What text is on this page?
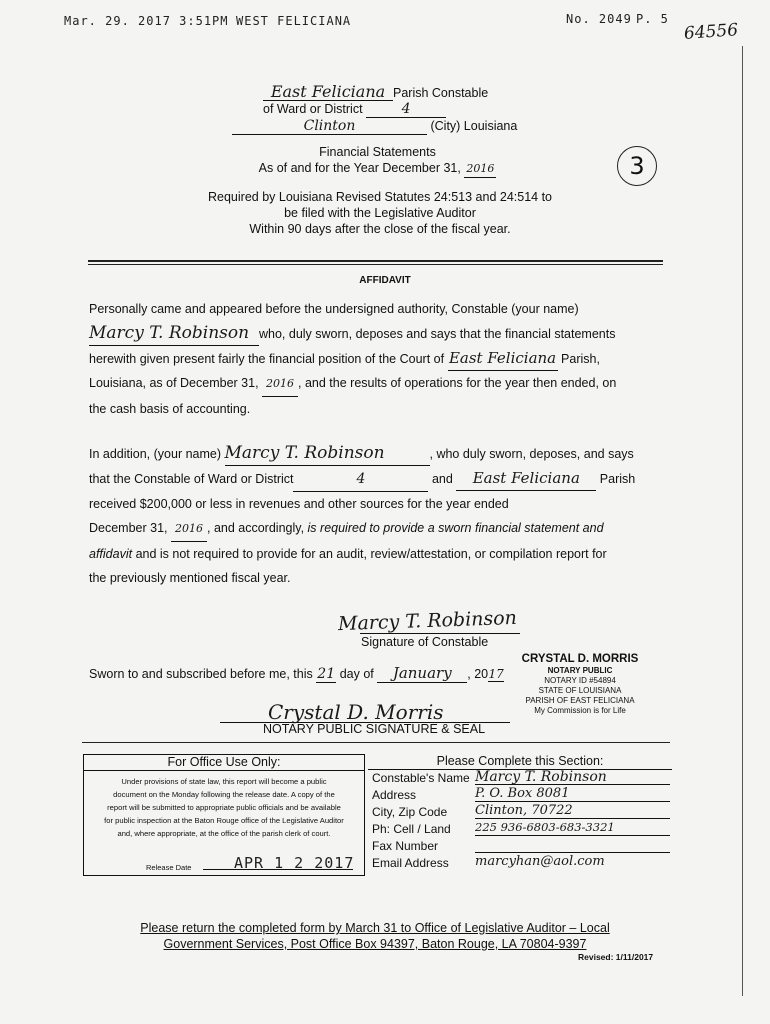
Mar. 29. 2017 3:51PM WEST FELICIANA	No. 2049 P. 5
64556
East Feliciana Parish Constable
of Ward or District	4
Clinton	(City) Louisiana
Financial Statements
As of and for the Year December 31, 2016	3
Required by Louisiana Revised Statutes 24:513 and 24:514 to
be filed with the Legislative Auditor
Within 90 days after the close of the fiscal year.
AFFIDAVIT
Personally came and appeared before the undersigned authority, Constable (your name)
Marcy T. Robinson who, duly sworn, deposes and says that the financial statements
herewith given present fairly the financial position of the Court of East Feliciana Parish,
Louisiana, as of December 31, 2016 , and the results of operations for the year then ended, on
the cash basis of accounting.
In addition, (your name) Marcy T. Robinson	, who duly sworn, deposes, and says
that the Constable of Ward or District	4	and East Feliciana Parish
received $200,000 or less in revenues and other sources for the year ended
December 31, 2016 , and accordingly, is required to provide a sworn financial statement and
affidavit and is not required to provide for an audit, review/attestation, or compilation report for
the previously mentioned fiscal year.
Marcy T. Robinson
Signature of Constable
Sworn to and subscribed before me, this 21 day of January , 2017
CRYSTAL D. MORRIS
NOTARY PUBLIC
NOTARY ID #54894
STATE OF LOUISIANA
PARISH OF EAST FELICIANA
My Commission is for Life
Crystal D. Morris
NOTARY PUBLIC SIGNATURE & SEAL
For Office Use Only:
Under provisions of state law, this report will become a public
document on the Monday following the release date. A copy of the
report will be submitted to appropriate public officials and be available
for public inspection at the Baton Rouge office of the Legislative Auditor
and, where appropriate, at the office of the parish clerk of court.
Release Date	APR 1 2 2017
Please Complete this Section:
Constable's Name Marcy T. Robinson
Address	P. O. Box 8081
City, Zip Code Clinton, 70722
Ph: Cell / Land 225 936-6803-683-3321
Fax Number
Email Address marcyhan@aol.com
Please return the completed form by March 31 to Office of Legislative Auditor – Local
Government Services, Post Office Box 94397, Baton Rouge, LA 70804-9397
Revised: 1/11/2017
